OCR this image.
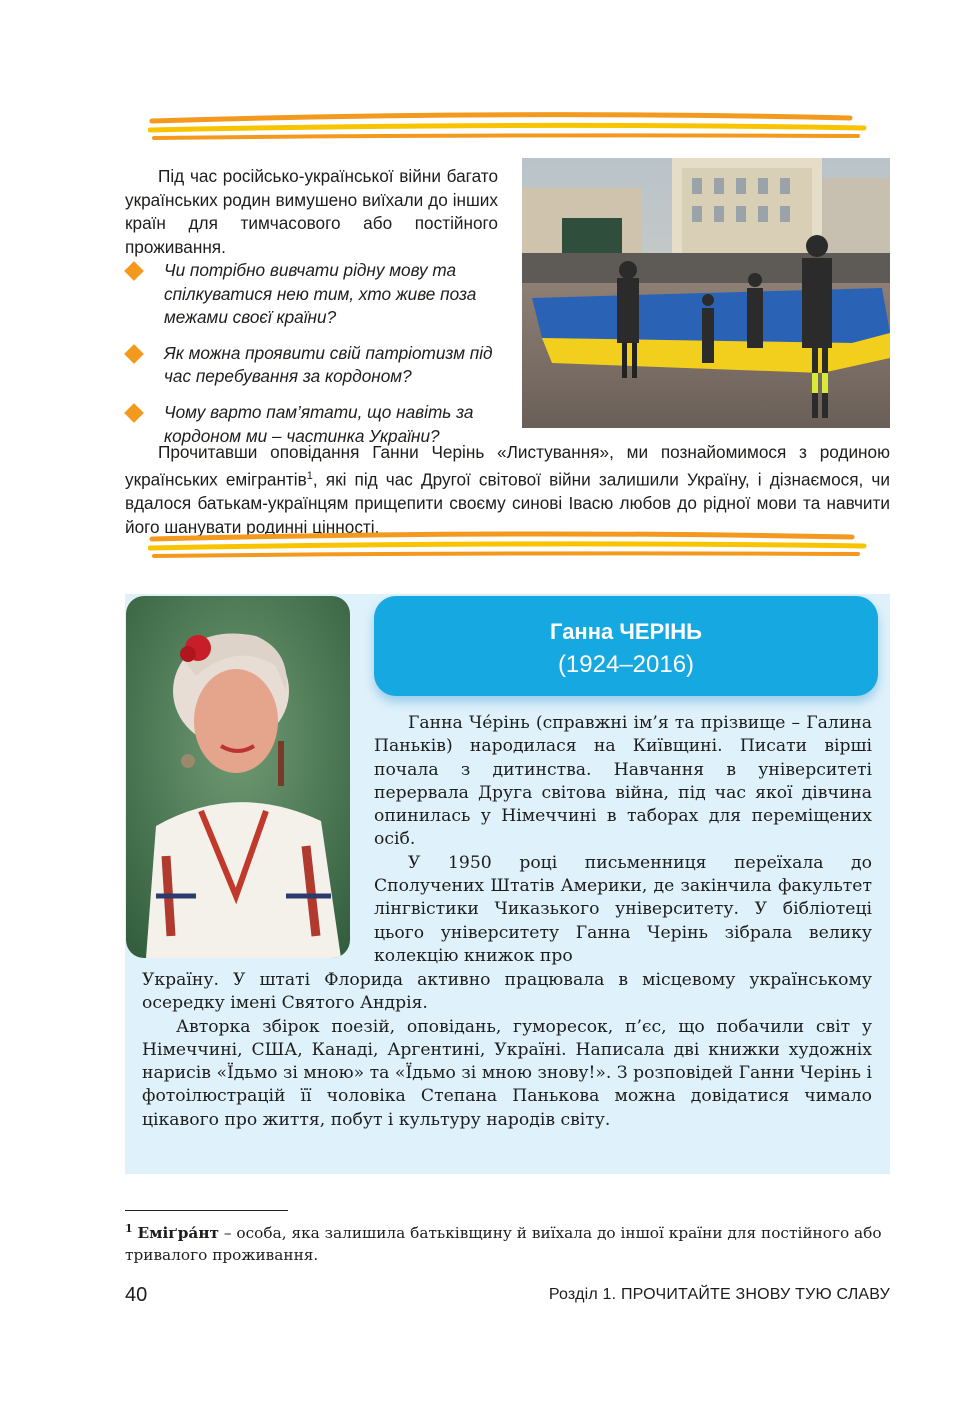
Під час російсько-української війни багато українських родин вимушено виїхали до інших країн для тимчасового або постійного проживання.

Чи потрібно вивчати рідну мову та спілкуватися нею тим, хто живе поза межами своєї країни?
Як можна проявити свій патріотизм під час перебування за кордоном?
Чому варто пам’ятати, що навіть за кордоном ми – частинка України?

Прочитавши оповідання Ганни Черінь «Листування», ми познайомимося з родиною українських емігрантів$^1$, які під час Другої світової війни залишили Україну, і дізнаємося, чи вдалося батькам-українцям прищепити своєму синові Івасю любов до рідної мови та навчити його шанувати родинні цінності.

Ганна ЧЕРІНЬ
(1924–2016)

Ганна Че́рінь (справжні ім’я та прізвище – Галина Паньків) народилася на Київщині. Писати вірші почала з дитинства. Навчання в університеті перервала Друга світова війна, під час якої дівчина опинилась у Німеччині в таборах для переміщених осіб.

У 1950 році письменниця переїхала до Сполучених Штатів Америки, де закінчила факультет лінгвістики Чиказького університету. У бібліотеці цього університету Ганна Черінь зібрала велику колекцію книжок про

Україну. У штаті Флорида активно працювала в місцевому українському осередку імені Святого Андрія.

Авторка збірок поезій, оповідань, гуморесок, п’єс, що побачили світ у Німеччині, США, Канаді, Аргентині, Україні. Написала дві книжки художніх нарисів «Їдьмо зі мною» та «Їдьмо зі мною знову!». З розповідей Ганни Черінь і фотоілюстрацій її чоловіка Степана Панькова можна довідатися чимало цікавого про життя, побут і культуру народів світу.

$^1$ Еміґра́нт – особа, яка залишила батьківщину й виїхала до іншої країни для постійного або тривалого проживання.
40	Розділ 1. ПРОЧИТАЙТЕ ЗНОВУ ТУЮ СЛАВУ
